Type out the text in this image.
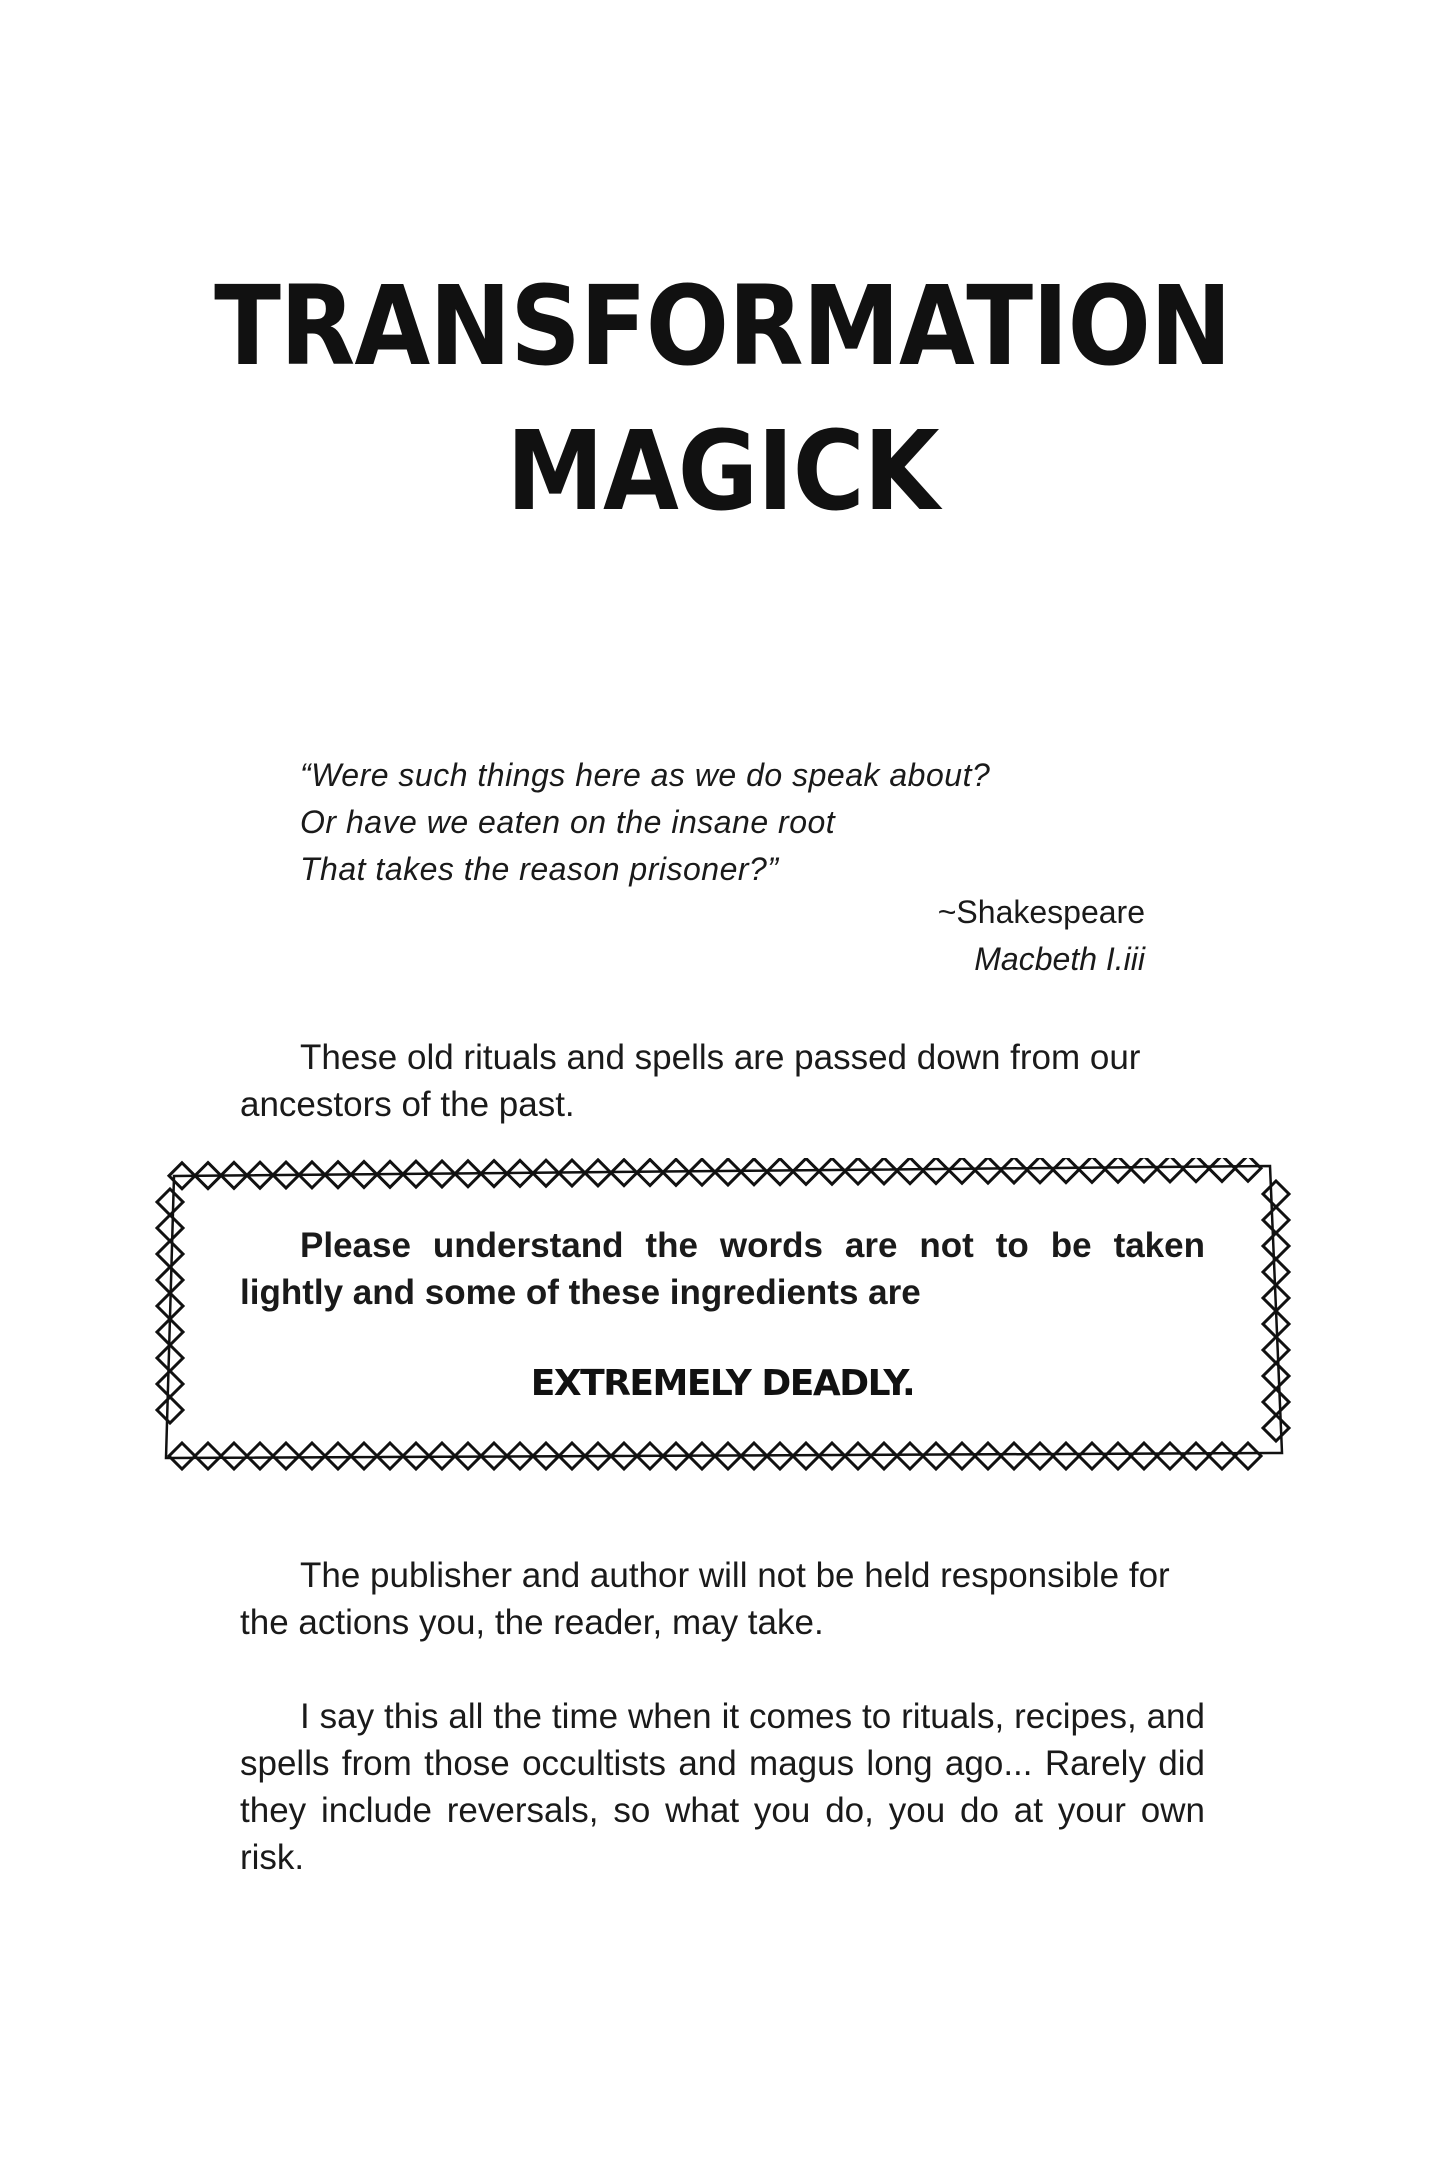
TRANSFORMATION
MAGICK
“Were such things here as we do speak about?
Or have we eaten on the insane root
That takes the reason prisoner?”
~Shakespeare
Macbeth I.iii
These old rituals and spells are passed down from our ancestors of the past.
Please understand the words are not to be taken lightly and some of these ingredients are
EXTREMELY DEADLY.
The publisher and author will not be held responsible for the actions you, the reader, may take.
I say this all the time when it comes to rituals, recipes, and spells from those occultists and magus long ago... Rarely did they include reversals, so what you do, you do at your own risk.
